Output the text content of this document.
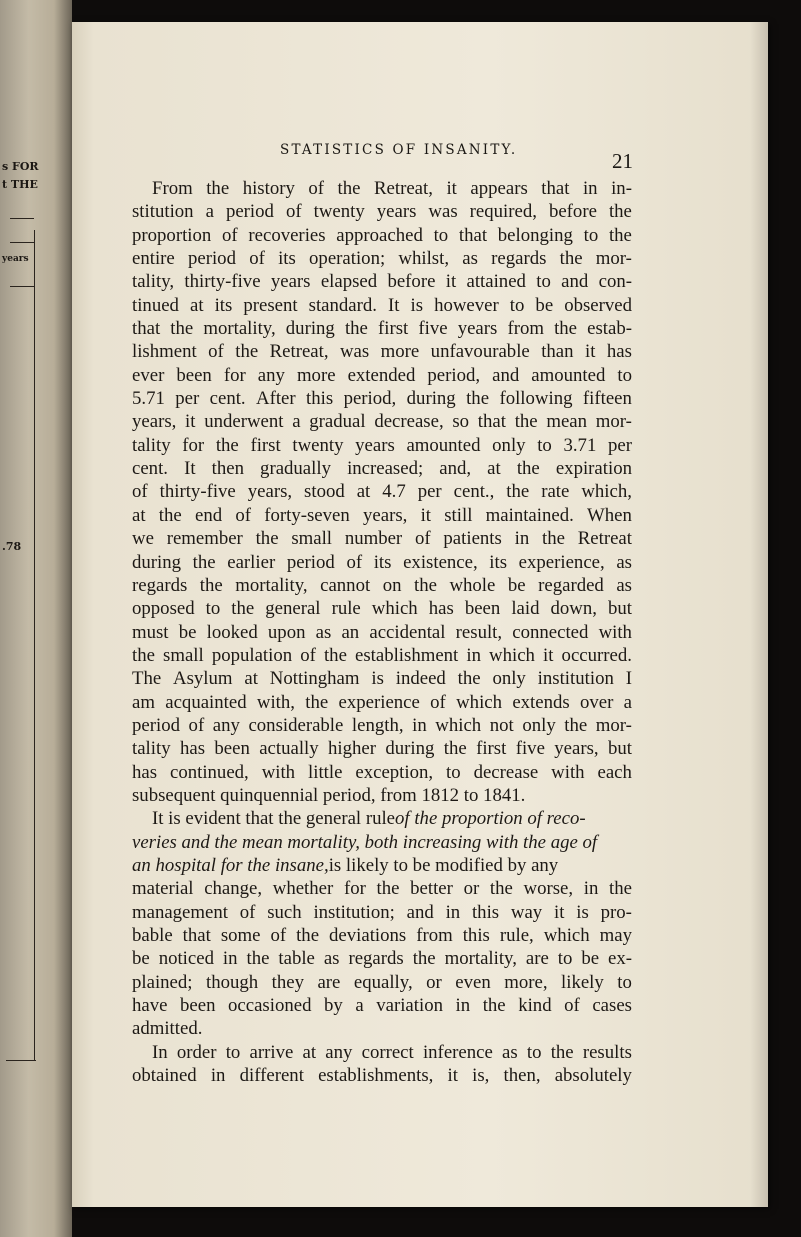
s FOR
t THE
years
.78
STATISTICS OF INSANITY.	21
From the history of the Retreat, it appears that in in-
stitution a period of twenty years was required, before the
proportion of recoveries approached to that belonging to the
entire period of its operation; whilst, as regards the mor-
tality, thirty-five years elapsed before it attained to and con-
tinued at its present standard. It is however to be observed
that the mortality, during the first five years from the estab-
lishment of the Retreat, was more unfavourable than it has
ever been for any more extended period, and amounted to
5.71 per cent. After this period, during the following fifteen
years, it underwent a gradual decrease, so that the mean mor-
tality for the first twenty years amounted only to 3.71 per
cent. It then gradually increased; and, at the expiration
of thirty-five years, stood at 4.7 per cent., the rate which,
at the end of forty-seven years, it still maintained. When
we remember the small number of patients in the Retreat
during the earlier period of its existence, its experience, as
regards the mortality, cannot on the whole be regarded as
opposed to the general rule which has been laid down, but
must be looked upon as an accidental result, connected with
the small population of the establishment in which it occurred.
The Asylum at Nottingham is indeed the only institution I
am acquainted with, the experience of which extends over a
period of any considerable length, in which not only the mor-
tality has been actually higher during the first five years, but
has continued, with little exception, to decrease with each
subsequent quinquennial period, from 1812 to 1841.
It is evident that the general rule of the proportion of reco-
veries and the mean mortality, both increasing with the age of
an hospital for the insane, is likely to be modified by any
material change, whether for the better or the worse, in the
management of such institution; and in this way it is pro-
bable that some of the deviations from this rule, which may
be noticed in the table as regards the mortality, are to be ex-
plained; though they are equally, or even more, likely to
have been occasioned by a variation in the kind of cases
admitted.
In order to arrive at any correct inference as to the results
obtained in different establishments, it is, then, absolutely
